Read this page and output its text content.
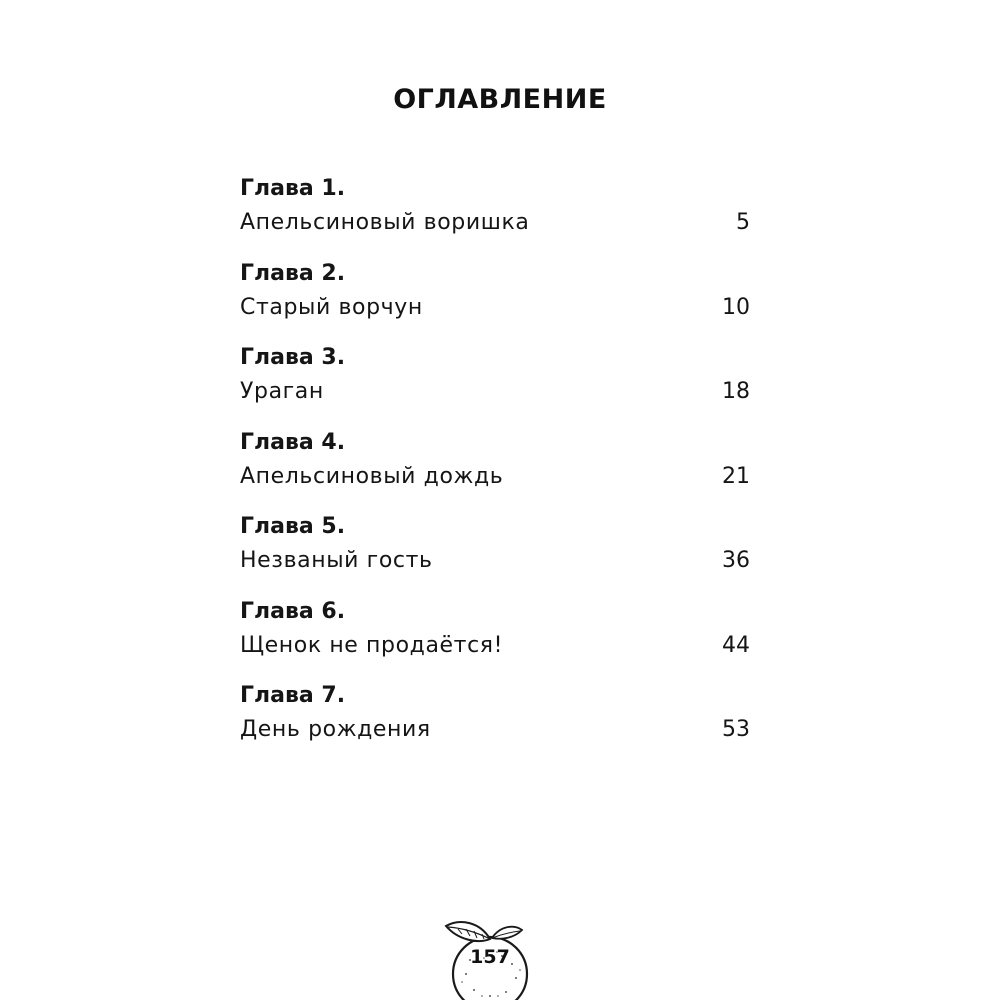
ОГЛАВЛЕНИЕ
Глава 1.
Апельсиновый воришка	5
Глава 2.
Старый ворчун	10
Глава 3.
Ураган	18
Глава 4.
Апельсиновый дождь	21
Глава 5.
Незваный гость	36
Глава 6.
Щенок не продаётся!	44
Глава 7.
День рождения	53
157
